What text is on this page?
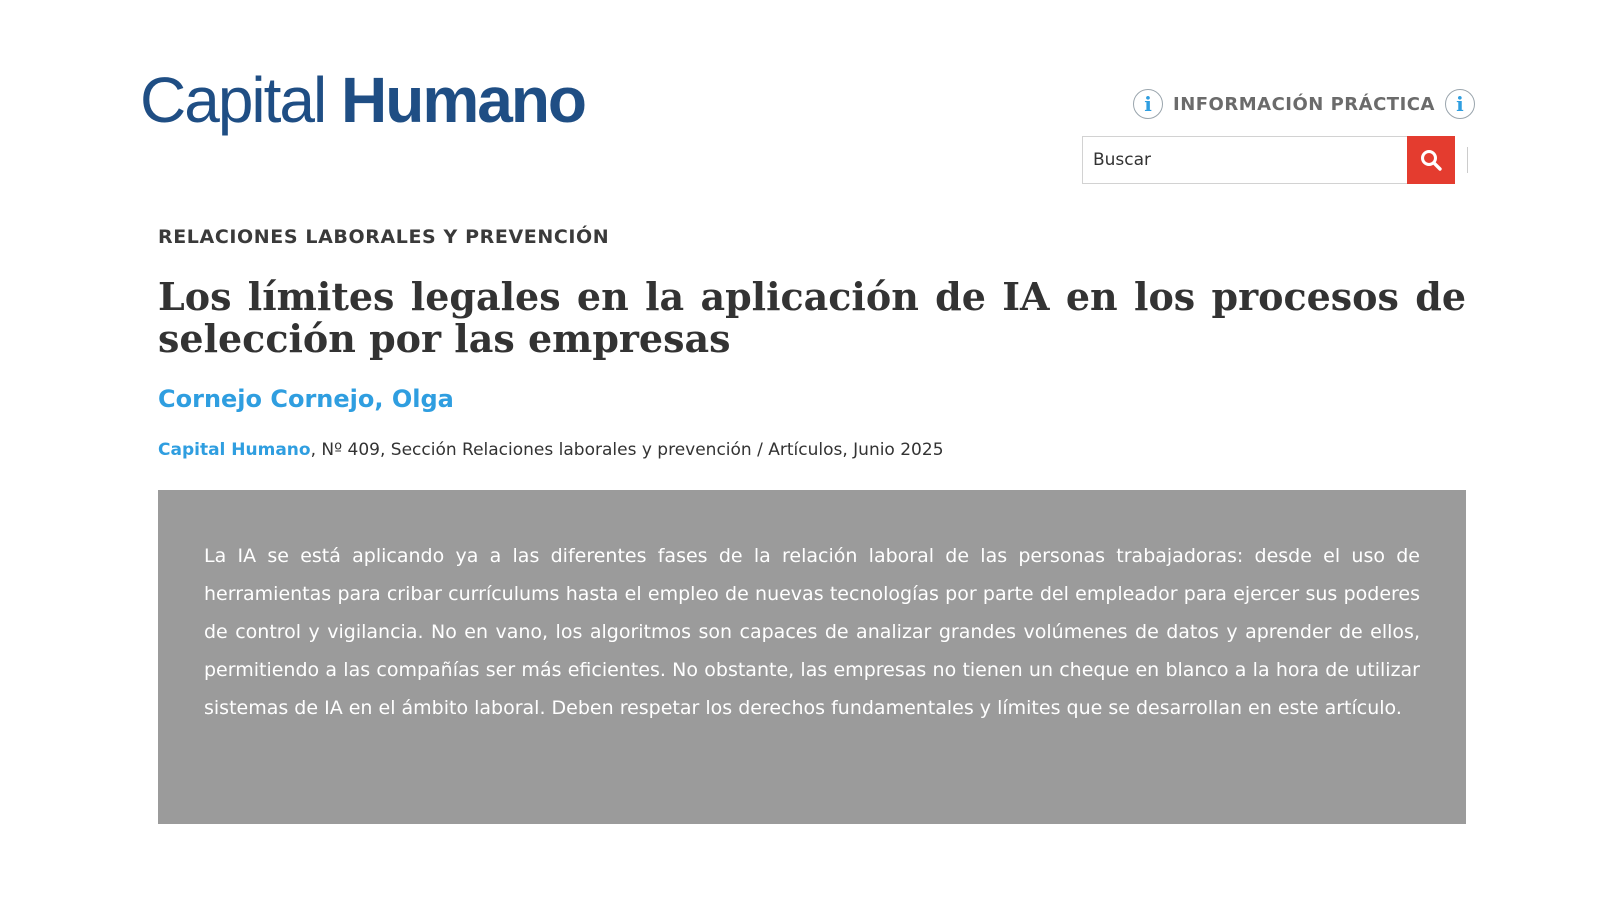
Capital Humano	i	INFORMACIÓN PRÁCTICA	i
Buscar
RELACIONES LABORALES Y PREVENCIÓN
Los límites legales en la aplicación de IA en los procesos de selección por las empresas
Cornejo Cornejo, Olga
Capital Humano, Nº 409, Sección Relaciones laborales y prevención / Artículos, Junio 2025

La IA se está aplicando ya a las diferentes fases de la relación laboral de las personas trabajadoras: desde el uso de herramientas para cribar currículums hasta el empleo de nuevas tecnologías por parte del empleador para ejercer sus poderes de control y vigilancia. No en vano, los algoritmos son capaces de analizar grandes volúmenes de datos y aprender de ellos, permitiendo a las compañías ser más eficientes. No obstante, las empresas no tienen un cheque en blanco a la hora de utilizar sistemas de IA en el ámbito laboral. Deben respetar los derechos fundamentales y límites que se desarrollan en este artículo.
